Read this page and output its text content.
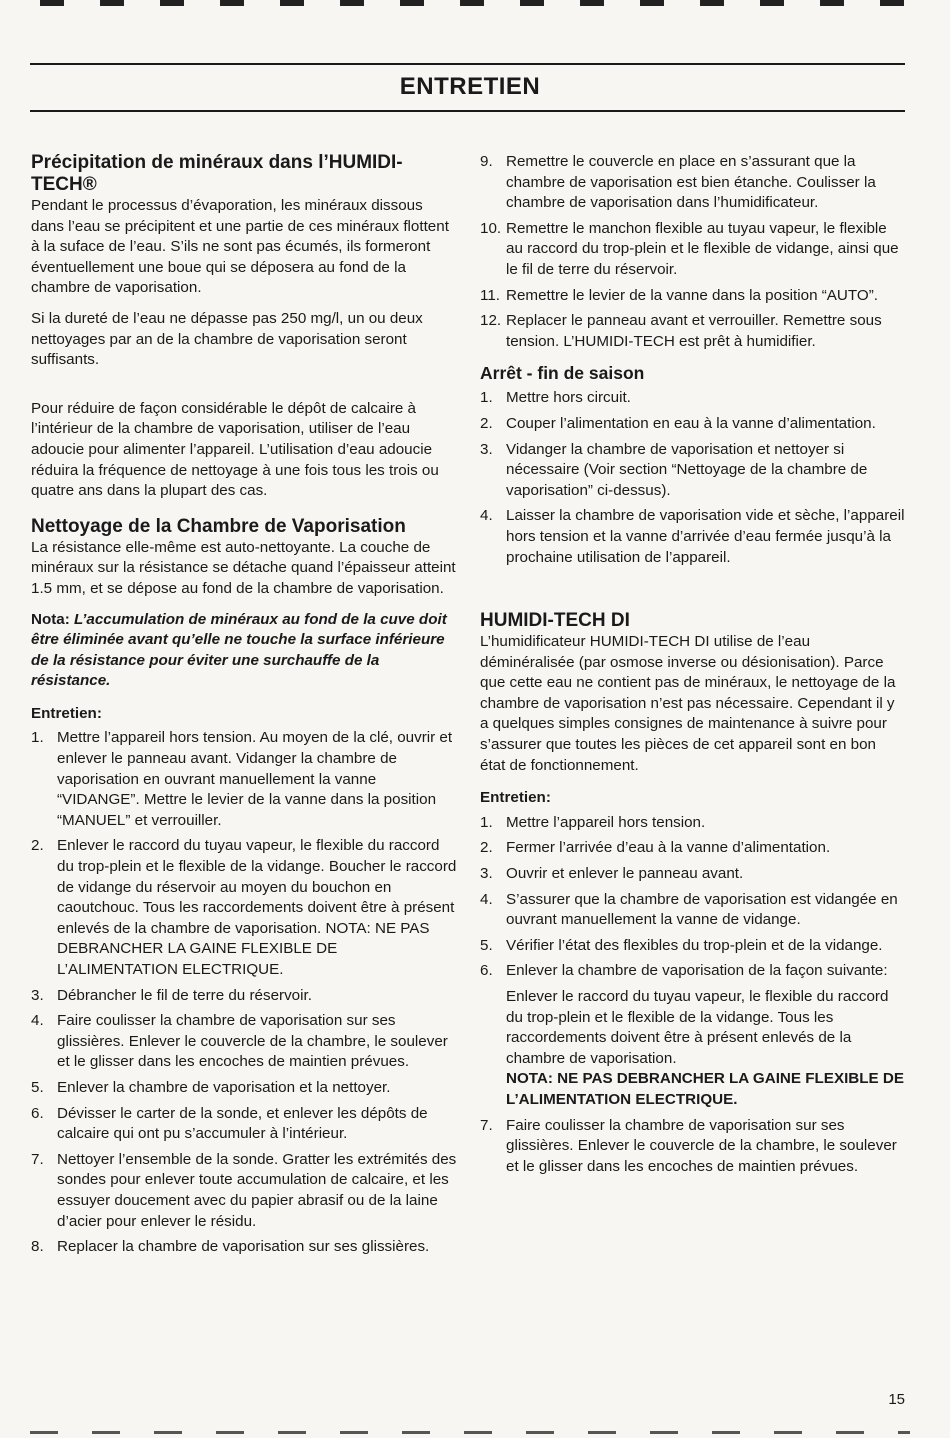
ENTRETIEN
Précipitation de minéraux dans l’HUMIDI-TECH®

Pendant le processus d’évaporation, les minéraux dissous dans l’eau se précipitent et une partie de ces minéraux flottent à la suface de l’eau. S’ils ne sont pas écumés, ils formeront éventuellement une boue qui se déposera au fond de la chambre de vaporisation.

Si la dureté de l’eau ne dépasse pas 250 mg/l, un ou deux nettoyages par an de la chambre de vaporisation seront suffisants.

Pour réduire de façon considérable le dépôt de calcaire à l’intérieur de la chambre de vaporisation, utiliser de l’eau adoucie pour alimenter l’appareil. L’utilisation d’eau adoucie réduira la fréquence de nettoyage à une fois tous les trois ou quatre ans dans la plupart des cas.

Nettoyage de la Chambre de Vaporisation

La résistance elle-même est auto-nettoyante. La couche de minéraux sur la résistance se détache quand l’épaisseur atteint 1.5 mm, et se dépose au fond de la chambre de vaporisation.

Nota: L’accumulation de minéraux au fond de la cuve doit être éliminée avant qu’elle ne touche la surface inférieure de la résistance pour éviter une surchauffe de la résistance.

Entretien:

1. Mettre l’appareil hors tension. Au moyen de la clé, ouvrir et enlever le panneau avant. Vidanger la chambre de vaporisation en ouvrant manuellement la vanne “VIDANGE”. Mettre le levier de la vanne dans la position “MANUEL” et verrouiller.
2. Enlever le raccord du tuyau vapeur, le flexible du raccord du trop-plein et le flexible de la vidange. Boucher le raccord de vidange du réservoir au moyen du bouchon en caoutchouc. Tous les raccordements doivent être à présent enlevés de la chambre de vaporisation. NOTA: NE PAS DEBRANCHER LA GAINE FLEXIBLE DE L’ALIMENTATION ELECTRIQUE.
3. Débrancher le fil de terre du réservoir.
4. Faire coulisser la chambre de vaporisation sur ses glissières. Enlever le couvercle de la chambre, le soulever et le glisser dans les encoches de maintien prévues.
5. Enlever la chambre de vaporisation et la nettoyer.
6. Dévisser le carter de la sonde, et enlever les dépôts de calcaire qui ont pu s’accumuler à l’intérieur.
7. Nettoyer l’ensemble de la sonde. Gratter les extrémités des sondes pour enlever toute accumulation de calcaire, et les essuyer doucement avec du papier abrasif ou de la laine d’acier pour enlever le résidu.
8. Replacer la chambre de vaporisation sur ses glissières.
9. Remettre le couvercle en place en s’assurant que la chambre de vaporisation est bien étanche. Coulisser la chambre de vaporisation dans l’humidificateur.
10. Remettre le manchon flexible au tuyau vapeur, le flexible au raccord du trop-plein et le flexible de vidange, ainsi que le fil de terre du réservoir.
11. Remettre le levier de la vanne dans la position “AUTO”.
12. Replacer le panneau avant et verrouiller. Remettre sous tension. L’HUMIDI-TECH est prêt à humidifier.
Arrêt - fin de saison
1. Mettre hors circuit.
2. Couper l’alimentation en eau à la vanne d’alimentation.
3. Vidanger la chambre de vaporisation et nettoyer si nécessaire (Voir section “Nettoyage de la chambre de vaporisation” ci-dessus).
4. Laisser la chambre de vaporisation vide et sèche, l’appareil hors tension et la vanne d’arrivée d’eau fermée jusqu’à la prochaine utilisation de l’appareil.
HUMIDI-TECH DI

L’humidificateur HUMIDI-TECH DI utilise de l’eau déminéralisée (par osmose inverse ou désionisation). Parce que cette eau ne contient pas de minéraux, le nettoyage de la chambre de vaporisation n’est pas nécessaire. Cependant il y a quelques simples consignes de maintenance à suivre pour s’assurer que toutes les pièces de cet appareil sont en bon état de fonctionnement.

Entretien:

1. Mettre l’appareil hors tension.
2. Fermer l’arrivée d’eau à la vanne d’alimentation.
3. Ouvrir et enlever le panneau avant.
4. S’assurer que la chambre de vaporisation est vidangée en ouvrant manuellement la vanne de vidange.
5. Vérifier l’état des flexibles du trop-plein et de la vidange.
6. Enlever la chambre de vaporisation de la façon suivante:

Enlever le raccord du tuyau vapeur, le flexible du raccord du trop-plein et le flexible de la vidange. Tous les raccordements doivent être à présent enlevés de la chambre de vaporisation.

NOTA: NE PAS DEBRANCHER LA GAINE FLEXIBLE DE L’ALIMENTATION ELECTRIQUE.

7. Faire coulisser la chambre de vaporisation sur ses glissières. Enlever le couvercle de la chambre, le soulever et le glisser dans les encoches de maintien prévues.
15
